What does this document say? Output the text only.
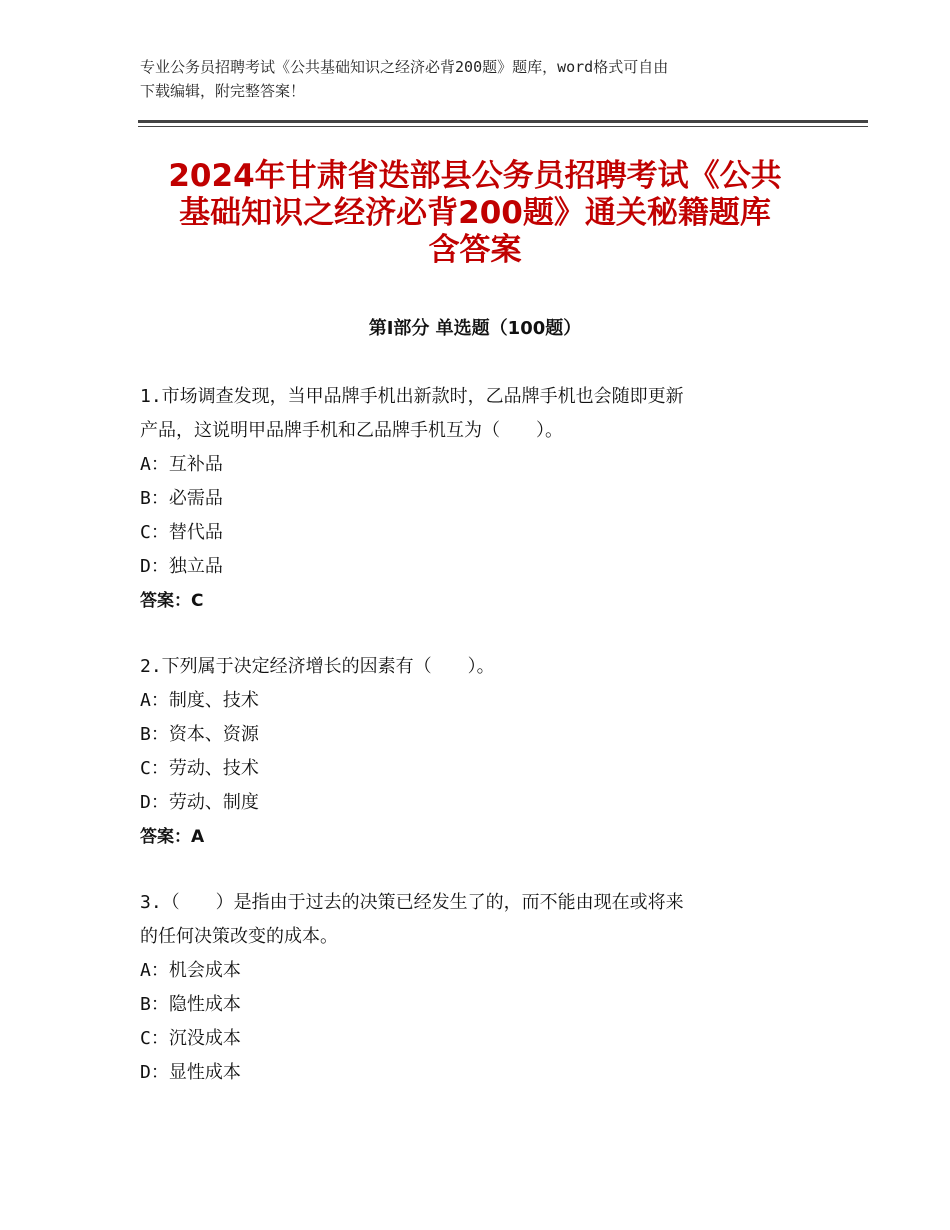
专业公务员招聘考试《公共基础知识之经济必背200题》题库，word格式可自由
下载编辑，附完整答案！
2024年甘肃省迭部县公务员招聘考试《公共
基础知识之经济必背200题》通关秘籍题库
含答案
第Ⅰ部分 单选题（100题）

1.市场调查发现，当甲品牌手机出新款时，乙品牌手机也会随即更新

产品，这说明甲品牌手机和乙品牌手机互为（　　）。

A：互补品

B：必需品

C：替代品

D：独立品

答案：C

2.下列属于决定经济增长的因素有（　　）。

A：制度、技术

B：资本、资源

C：劳动、技术

D：劳动、制度

答案：A

3.（　　）是指由于过去的决策已经发生了的，而不能由现在或将来

的任何决策改变的成本。

A：机会成本

B：隐性成本

C：沉没成本

D：显性成本
